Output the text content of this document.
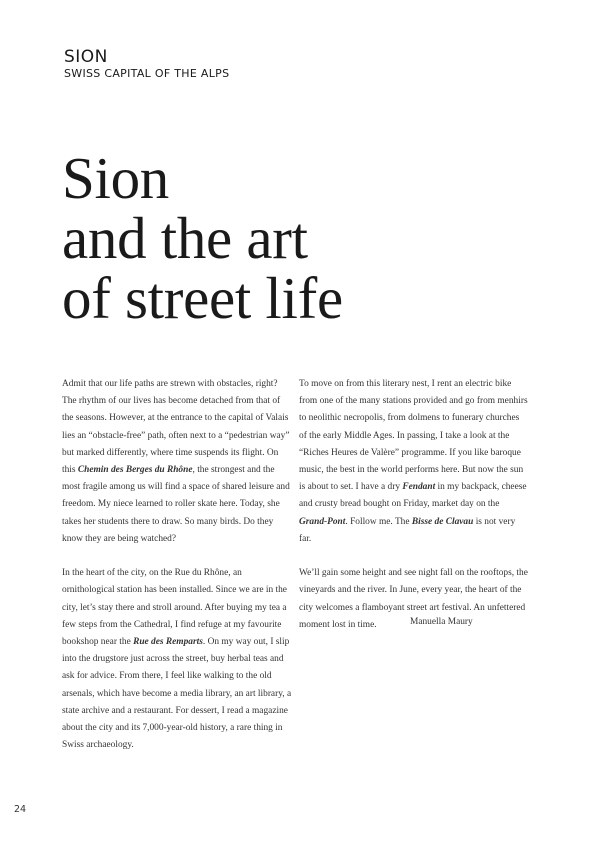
SION

SWISS CAPITAL OF THE ALPS

Sion
and the art
of street life

Admit that our life paths are strewn with obstacles, right? The rhythm of our lives has become detached from that of the seasons. However, at the entrance to the capital of Valais lies an “obstacle-free” path, often next to a “pedestrian way” but marked differently, where time suspends its flight. On this Chemin des Berges du Rhône, the strongest and the most fragile among us will find a space of shared leisure and freedom. My niece learned to roller skate here. Today, she takes her students there to draw. So many birds. Do they know they are being watched?

In the heart of the city, on the Rue du Rhône, an ornithological station has been installed. Since we are in the city, let’s stay there and stroll around. After buying my tea a few steps from the Cathedral, I find refuge at my favourite bookshop near the Rue des Remparts. On my way out, I slip into the drugstore just across the street, buy herbal teas and ask for advice. From there, I feel like walking to the old arsenals, which have become a media library, an art library, a state archive and a restaurant. For dessert, I read a magazine about the city and its 7,000-year-old history, a rare thing in Swiss archaeology.

To move on from this literary nest, I rent an electric bike from one of the many stations provided and go from menhirs to neolithic necropolis, from dolmens to funerary churches of the early Middle Ages. In passing, I take a look at the “Riches Heures de Valère” programme. If you like baroque music, the best in the world performs here. But now the sun is about to set. I have a dry Fendant in my backpack, cheese and crusty bread bought on Friday, market day on the Grand-Pont. Follow me. The Bisse de Clavau is not very far.

We’ll gain some height and see night fall on the rooftops, the vineyards and the river. In June, every year, the heart of the city welcomes a flamboyant street art festival. An unfettered moment lost in time.	Manuella Maury
24
